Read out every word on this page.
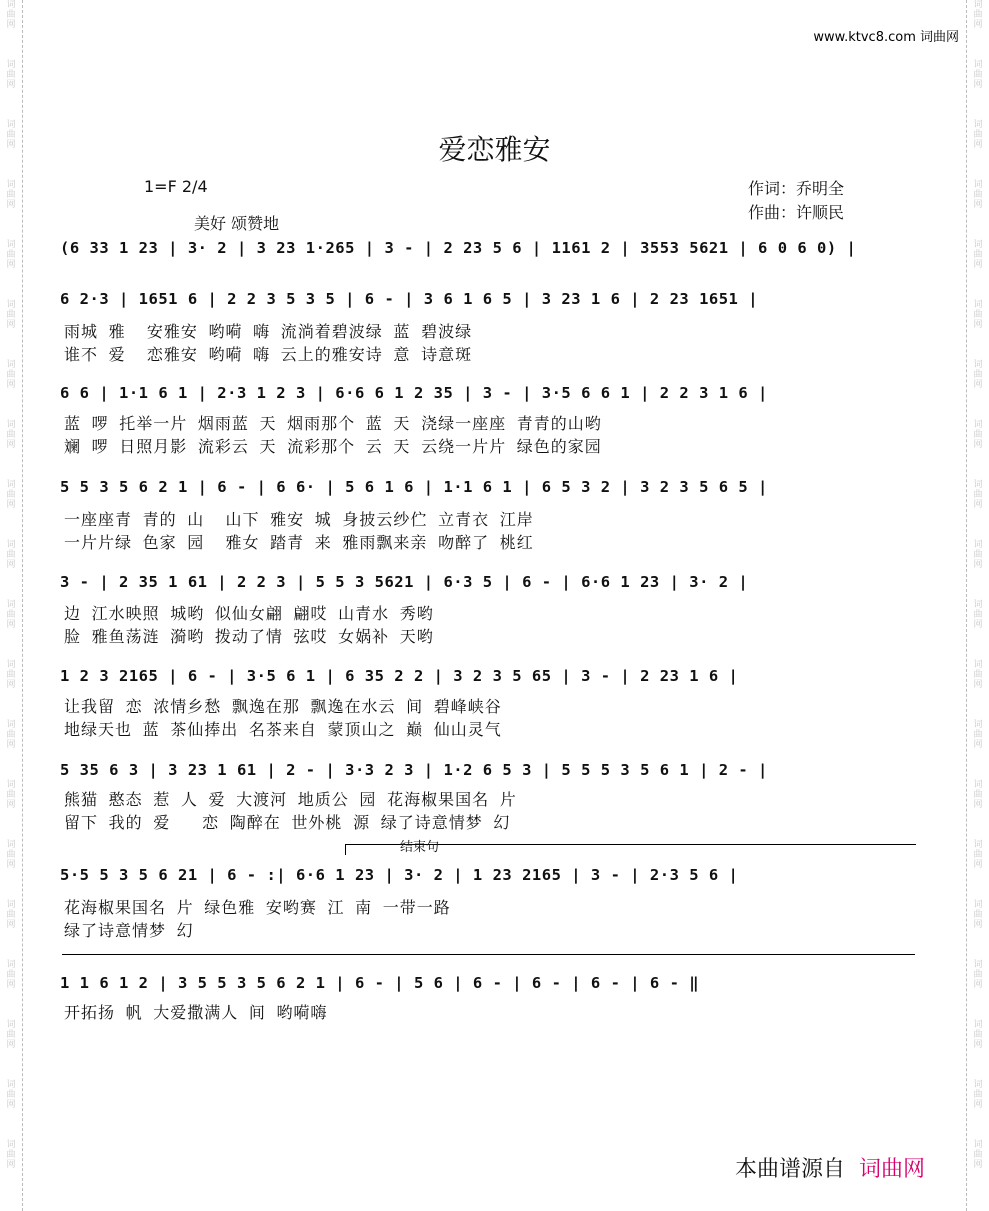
词曲网
词曲网
词曲网
词曲网
词曲网
词曲网
词曲网
词曲网
词曲网
词曲网
词曲网
词曲网
词曲网
词曲网
词曲网
词曲网
词曲网
词曲网
词曲网
词曲网
词曲网
词曲网
词曲网
词曲网
词曲网
词曲网
词曲网
词曲网
词曲网
词曲网
词曲网
词曲网
词曲网
词曲网
词曲网
词曲网
词曲网
词曲网
词曲网
词曲网
www.ktvc8.com 词曲网
爱恋雅安
1=F 2/4	作词：乔明全
作曲：许顺民
美好 颂赞地
(6 33 1 23 | 3· 2 | 3 23 1·265 | 3 - | 2 23 5 6 | 1161 2 | 3553 5621 | 6 0 6 0) |
6 2·3 | 1651 6 | 2 2 3 5 3 5 | 6 - | 3 6 1 6 5 | 3 23 1 6 | 2 23 1651 |
雨城 雅  安雅安 哟嗬 嗨 流淌着碧波绿 蓝 碧波绿
谁不 爱  恋雅安 哟嗬 嗨 云上的雅安诗 意 诗意斑
6 6 | 1·1 6 1 | 2·3 1 2 3 | 6·6 6 1 2 35 | 3 - | 3·5 6 6 1 | 2 2 3 1 6 |
蓝 啰 托举一片 烟雨蓝 天 烟雨那个 蓝 天 浇绿一座座 青青的山哟
斓 啰 日照月影 流彩云 天 流彩那个 云 天 云绕一片片 绿色的家园
5 5 3 5 6 2 1 | 6 - | 6 6· | 5 6 1 6 | 1·1 6 1 | 6 5 3 2 | 3 2 3 5 6 5 |
一座座青 青的 山  山下 雅安 城 身披云纱伫 立青衣 江岸
一片片绿 色家 园  雅女 踏青 来 雅雨飘来亲 吻醉了 桃红
3 - | 2 35 1 61 | 2 2 3 | 5 5 3 5621 | 6·3 5 | 6 - | 6·6 1 23 | 3· 2 |
边 江水映照 城哟 似仙女翩 翩哎 山青水 秀哟
脸 雅鱼荡涟 漪哟 拨动了情 弦哎 女娲补 天哟
1 2 3 2165 | 6 - | 3·5 6 1 | 6 35 2 2 | 3 2 3 5 65 | 3 - | 2 23 1 6 |
让我留 恋 浓情乡愁 飘逸在那 飘逸在水云 间 碧峰峡谷
地绿天也 蓝 茶仙捧出 名茶来自 蒙顶山之 巅 仙山灵气
5 35 6 3 | 3 23 1 61 | 2 - | 3·3 2 3 | 1·2 6 5 3 | 5 5 5 3 5 6 1 | 2 - |
熊猫 憨态 惹 人 爱 大渡河 地质公 园 花海椒果国名 片
留下 我的 爱   恋 陶醉在 世外桃 源 绿了诗意情梦 幻
结束句
5·5 5 3 5 6 21 | 6 - :| 6·6 1 23 | 3· 2 | 1 23 2165 | 3 - | 2·3 5 6 |
花海椒果国名 片 绿色雅 安哟赛 江 南 一带一路
绿了诗意情梦 幻
1 1 6 1 2 | 3 5 5 3 5 6 2 1 | 6 - | 5 6 | 6 - | 6 - | 6 - | 6 - ‖
开拓扬 帆 大爱撒满人 间 哟嗬嗨
本曲谱源自 词曲网
